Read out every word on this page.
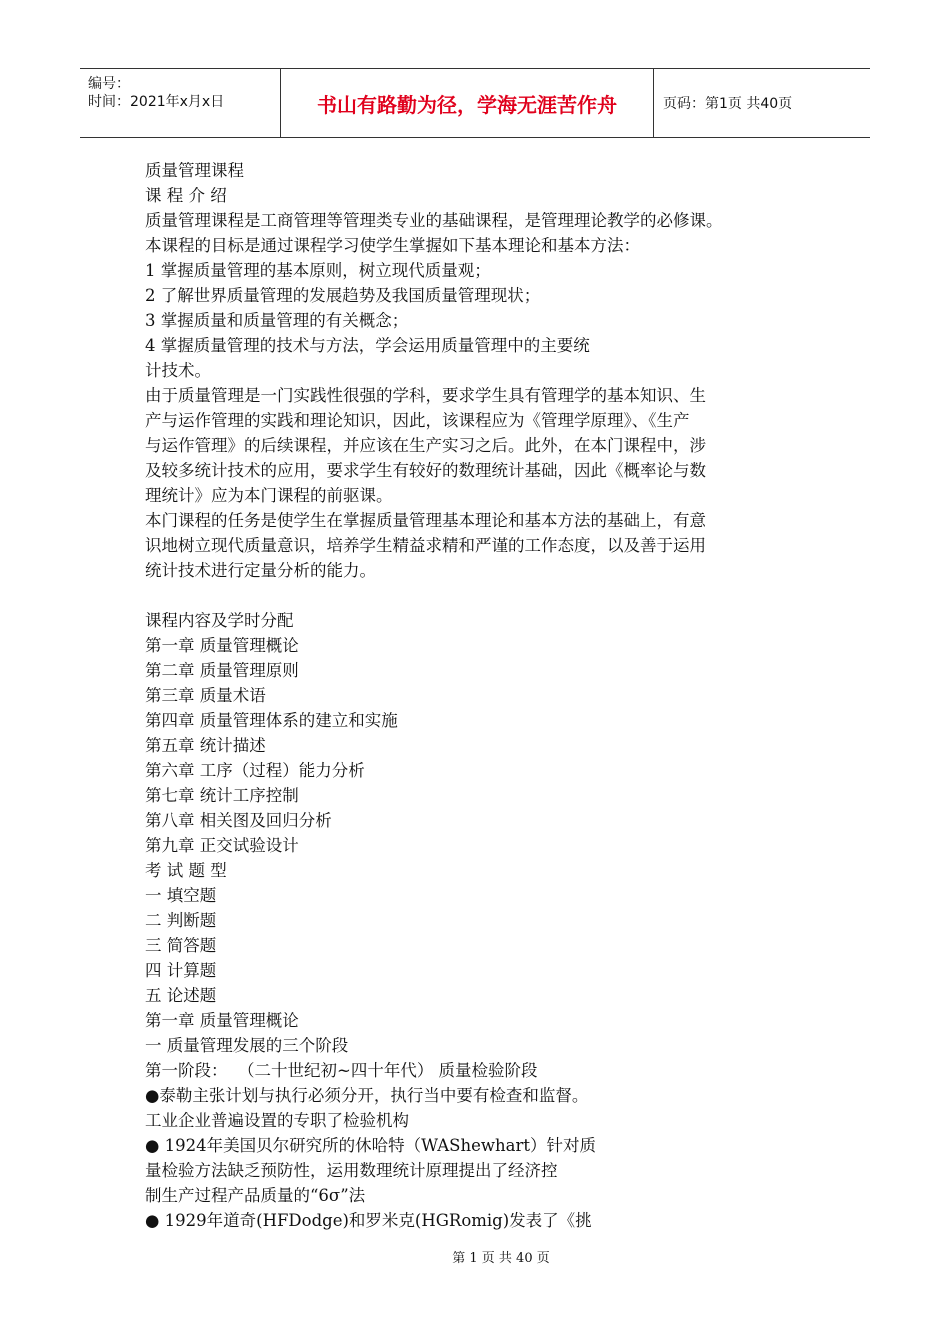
编号：
时间：2021年x月x日	书山有路勤为径，学海无涯苦作舟	页码：第1页 共40页
质量管理课程
课 程 介 绍
质量管理课程是工商管理等管理类专业的基础课程，是管理理论教学的必修课。
本课程的目标是通过课程学习使学生掌握如下基本理论和基本方法：
1 掌握质量管理的基本原则，树立现代质量观；
2 了解世界质量管理的发展趋势及我国质量管理现状；
3 掌握质量和质量管理的有关概念；
4 掌握质量管理的技术与方法，学会运用质量管理中的主要统
计技术。
由于质量管理是一门实践性很强的学科，要求学生具有管理学的基本知识、生
产与运作管理的实践和理论知识，因此，该课程应为《管理学原理》、《生产
与运作管理》的后续课程，并应该在生产实习之后。此外，在本门课程中，涉
及较多统计技术的应用，要求学生有较好的数理统计基础，因此《概率论与数
理统计》应为本门课程的前驱课。
本门课程的任务是使学生在掌握质量管理基本理论和基本方法的基础上，有意
识地树立现代质量意识，培养学生精益求精和严谨的工作态度，以及善于运用
统计技术进行定量分析的能力。
课程内容及学时分配
第一章 质量管理概论
第二章 质量管理原则
第三章 质量术语
第四章 质量管理体系的建立和实施
第五章 统计描述
第六章 工序（过程）能力分析
第七章 统计工序控制
第八章 相关图及回归分析
第九章 正交试验设计
考 试 题 型
一 填空题
二 判断题
三 简答题
四 计算题
五 论述题
第一章 质量管理概论
一 质量管理发展的三个阶段
第一阶段：  （二十世纪初~四十年代） 质量检验阶段
●泰勒主张计划与执行必须分开，执行当中要有检查和监督。
工业企业普遍设置的专职了检验机构
● 1924年美国贝尔研究所的休哈特（WAShewhart）针对质
量检验方法缺乏预防性，运用数理统计原理提出了经济控
制生产过程产品质量的“6σ”法
● 1929年道奇(HFDodge)和罗米克(HGRomig)发表了《挑
第 1 页 共 40 页
